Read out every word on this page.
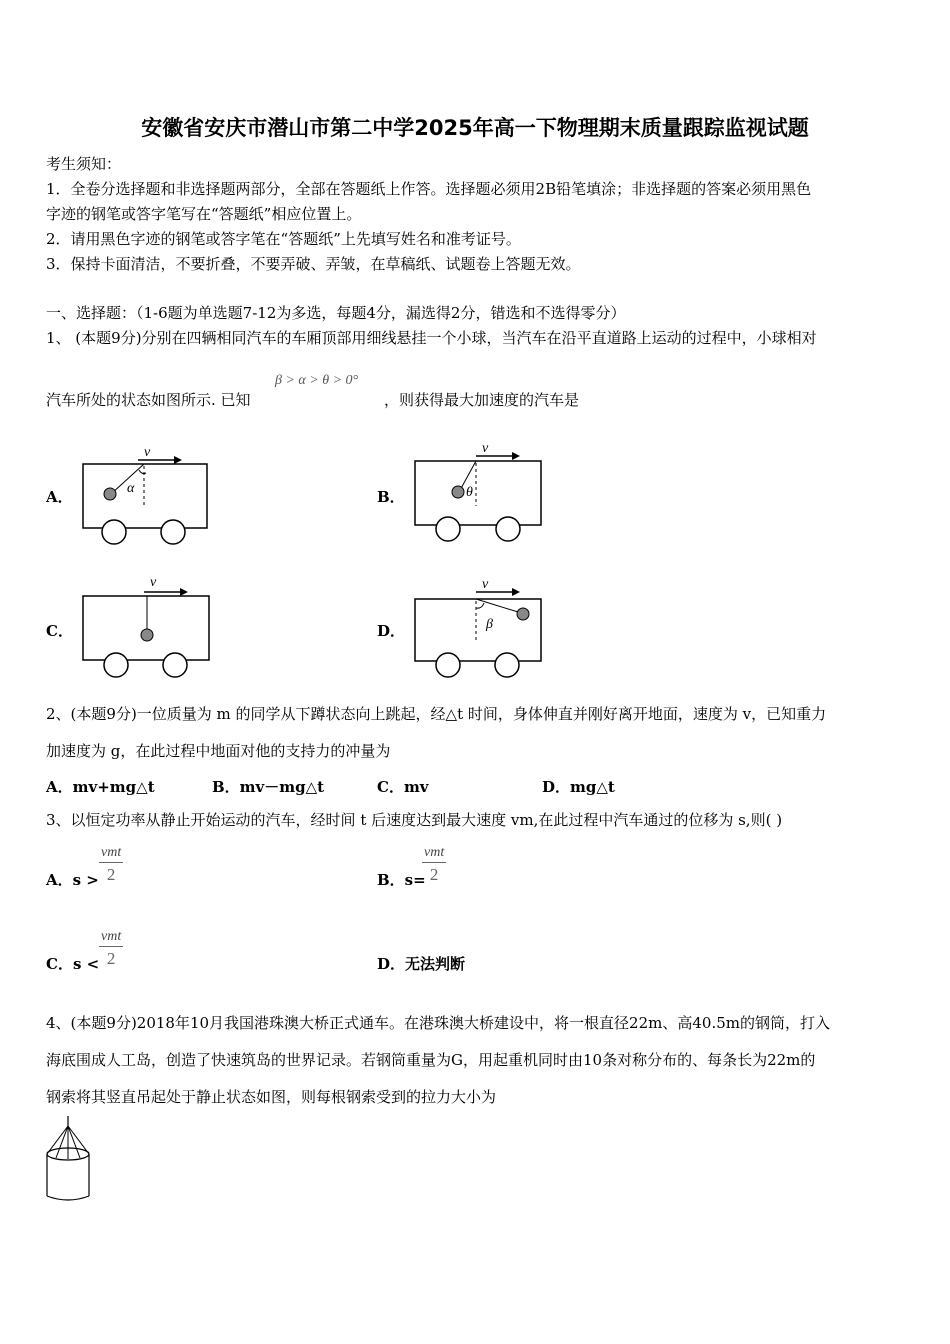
安徽省安庆市潜山市第二中学2025年高一下物理期末质量跟踪监视试题
考生须知：
1．全卷分选择题和非选择题两部分，全部在答题纸上作答。选择题必须用2B铅笔填涂；非选择题的答案必须用黑色
字迹的钢笔或答字笔写在“答题纸”相应位置上。
2．请用黑色字迹的钢笔或答字笔在“答题纸”上先填写姓名和准考证号。
3．保持卡面清洁，不要折叠，不要弄破、弄皱，在草稿纸、试题卷上答题无效。
一、选择题：（1-6题为单选题7-12为多选，每题4分，漏选得2分，错选和不选得零分）
1、 (本题9分)分别在四辆相同汽车的车厢顶部用细线悬挂一个小球，当汽车在沿平直道路上运动的过程中，小球相对
汽车所处的状态如图所示. 已知
β > α > θ > 0°
，则获得最大加速度的汽车是
A．	B．
C．	D．
v
α
v
θ
v	v
β
2、(本题9分)一位质量为 m 的同学从下蹲状态向上跳起，经△t 时间，身体伸直并刚好离开地面，速度为 v，已知重力
加速度为 g，在此过程中地面对他的支持力的冲量为
A．mv+mg△t	B．mv－mg△t	C．mv	D．mg△t
3、以恒定功率从静止开始运动的汽车，经时间 t 后速度达到最大速度 vm,在此过程中汽车通过的位移为 s,则( )
A．s >
vmt
2	B．s=
vmt
2
C．s <
vmt
2	D．无法判断
4、(本题9分)2018年10月我国港珠澳大桥正式通车。在港珠澳大桥建设中，将一根直径22m、高40.5m的钢筒，打入
海底围成人工岛，创造了快速筑岛的世界记录。若钢筒重量为G，用起重机同时由10条对称分布的、每条长为22m的
钢索将其竖直吊起处于静止状态如图，则每根钢索受到的拉力大小为
